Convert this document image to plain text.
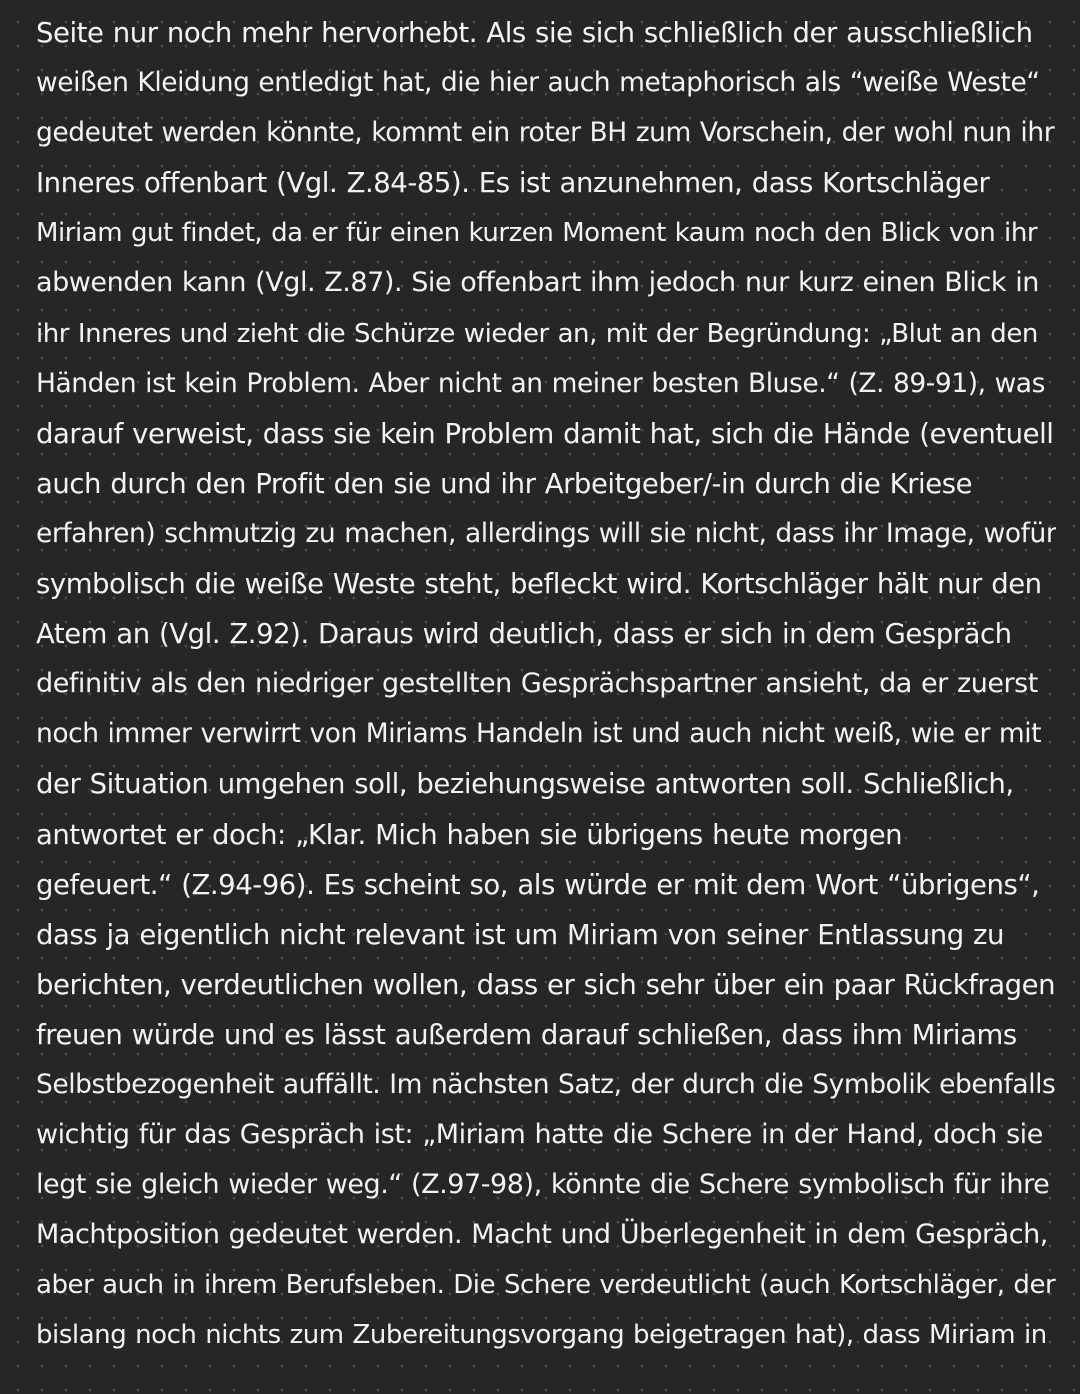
Seite nur noch mehr hervorhebt. Als sie sich schließlich der ausschließlich
weißen Kleidung entledigt hat, die hier auch metaphorisch als “weiße Weste“
gedeutet werden könnte, kommt ein roter BH zum Vorschein, der wohl nun ihr
Inneres offenbart (Vgl. Z.84-85). Es ist anzunehmen, dass Kortschläger
Miriam gut findet, da er für einen kurzen Moment kaum noch den Blick von ihr
abwenden kann (Vgl. Z.87). Sie offenbart ihm jedoch nur kurz einen Blick in
ihr Inneres und zieht die Schürze wieder an, mit der Begründung: „Blut an den
Händen ist kein Problem. Aber nicht an meiner besten Bluse.“ (Z. 89-91), was
darauf verweist, dass sie kein Problem damit hat, sich die Hände (eventuell
auch durch den Profit den sie und ihr Arbeitgeber/-in durch die Kriese
erfahren) schmutzig zu machen, allerdings will sie nicht, dass ihr Image, wofür
symbolisch die weiße Weste steht, befleckt wird. Kortschläger hält nur den
Atem an (Vgl. Z.92). Daraus wird deutlich, dass er sich in dem Gespräch
definitiv als den niedriger gestellten Gesprächspartner ansieht, da er zuerst
noch immer verwirrt von Miriams Handeln ist und auch nicht weiß, wie er mit
der Situation umgehen soll, beziehungsweise antworten soll. Schließlich,
antwortet er doch: „Klar. Mich haben sie übrigens heute morgen
gefeuert.“ (Z.94-96). Es scheint so, als würde er mit dem Wort “übrigens“,
dass ja eigentlich nicht relevant ist um Miriam von seiner Entlassung zu
berichten, verdeutlichen wollen, dass er sich sehr über ein paar Rückfragen
freuen würde und es lässt außerdem darauf schließen, dass ihm Miriams
Selbstbezogenheit auffällt. Im nächsten Satz, der durch die Symbolik ebenfalls
wichtig für das Gespräch ist: „Miriam hatte die Schere in der Hand, doch sie
legt sie gleich wieder weg.“ (Z.97-98), könnte die Schere symbolisch für ihre
Machtposition gedeutet werden. Macht und Überlegenheit in dem Gespräch,
aber auch in ihrem Berufsleben. Die Schere verdeutlicht (auch Kortschläger, der
bislang noch nichts zum Zubereitungsvorgang beigetragen hat), dass Miriam in
